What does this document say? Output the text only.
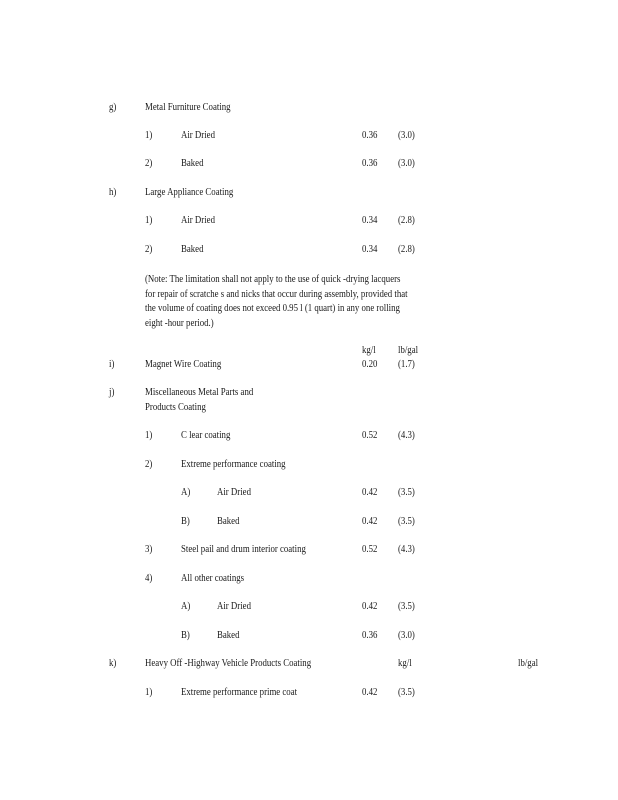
g)	Metal Furniture Coating
1)	Air Dried	0.36 (3.0)
2)	Baked	0.36 (3.0)
h)	Large Appliance Coating
1)	Air Dried	0.34 (2.8)
2)	Baked	0.34 (2.8)
(Note: The limitation shall not apply to the use of quick -drying lacquers
for repair of scratche s and nicks that occur during assembly, provided that
the volume of coating does not exceed 0.95 l (1 quart) in any one rolling
eight -hour period.)
kg/l lb/gal
i)	Magnet Wire Coating	0.20 (1.7)
j)	Miscellaneous Metal Parts and
Products Coating
1)	C lear coating	0.52 (4.3)
2)	Extreme performance coating
A)	Air Dried	0.42 (3.5)
B)	Baked	0.42 (3.5)
3)	Steel pail and drum interior coating	0.52 (4.3)
4)	All other coatings
A)	Air Dried	0.42 (3.5)
B)	Baked	0.36 (3.0)
k)	Heavy Off -Highway Vehicle Products Coating	kg/l	lb/gal
1)	Extreme performance prime coat	0.42 (3.5)
